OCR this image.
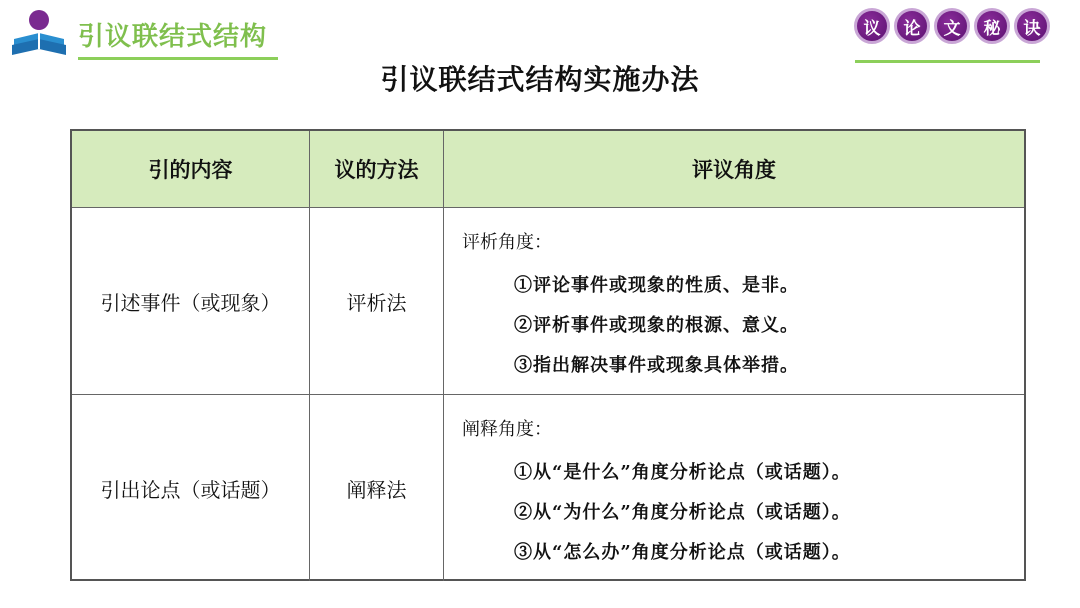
引议联结式结构	议	论	文	秘	诀
引议联结式结构实施办法
引的内容	议的方法	评议角度
引述事件（或现象）	评析法
评析角度：
①评论事件或现象的性质、是非。
②评析事件或现象的根源、意义。
③指出解决事件或现象具体举措。
引出论点（或话题）	阐释法
阐释角度：
①从“是什么”角度分析论点（或话题）。
②从“为什么”角度分析论点（或话题）。
③从“怎么办”角度分析论点（或话题）。
